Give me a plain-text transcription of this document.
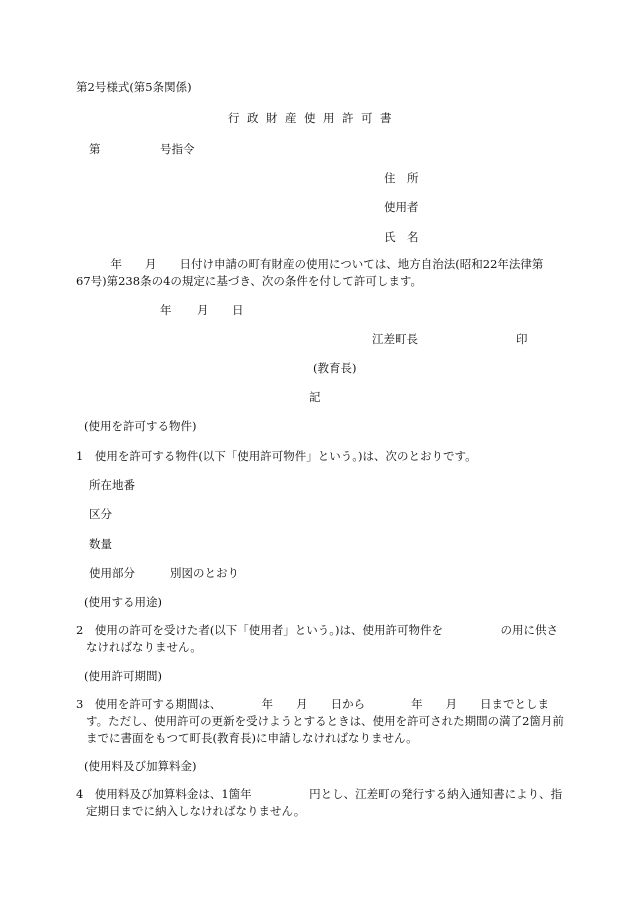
第2号様式(第5条関係)
行政財産使用許可書
第	号指令
住　所
使用者
氏　名
　　　年　　月　　日付け申請の町有財産の使用については、地方自治法(昭和22年法律第67号)第238条の4の規定に基づき、次の条件を付して許可します。
年 月 日
江差町長	印
(教育長)
記
(使用を許可する物件)
1　使用を許可する物件(以下「使用許可物件」という。)は、次のとおりです。
所在地番
区分
数量
使用部分	別図のとおり
(使用する用途)
2　使用の許可を受けた者(以下「使用者」という。)は、使用許可物件を　　　　　の用に供さなければなりません。
(使用許可期間)
3　使用を許可する期間は、　　　　年　　月　　日から　　　　年　　月　　日までとします。ただし、使用許可の更新を受けようとするときは、使用を許可された期間の満了2箇月前までに書面をもつて町長(教育長)に申請しなければなりません。
(使用料及び加算料金)
4　使用料及び加算料金は、1箇年　　　　　円とし、江差町の発行する納入通知書により、指定期日までに納入しなければなりません。
